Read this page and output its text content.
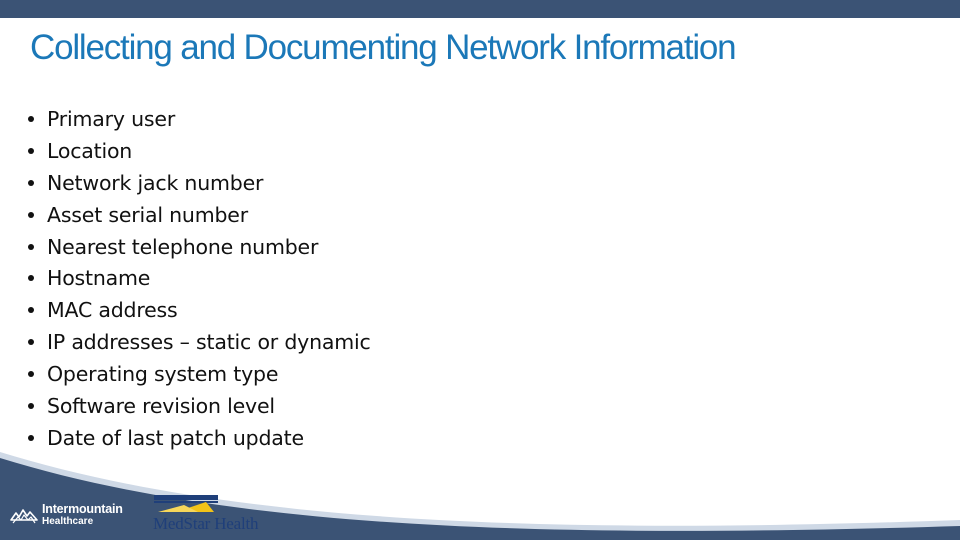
Collecting and Documenting Network Information
Primary user
Location
Network jack number
Asset serial number
Nearest telephone number
Hostname
MAC address
IP addresses – static or dynamic
Operating system type
Software revision level
Date of last patch update
Intermountain
Healthcare	MedStar Health
